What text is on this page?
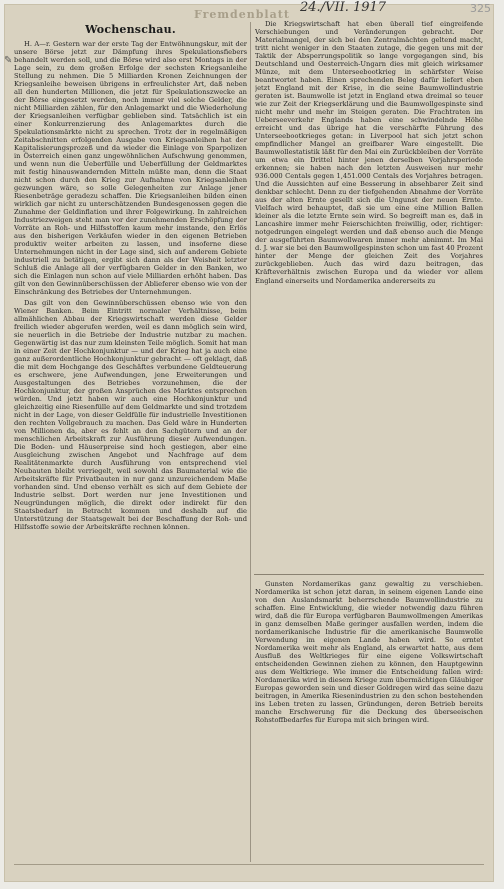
Fremdenblatt 24./VII. 1917	325
✎
Wochenschau.

H. A—r. Gestern war der erste Tag der Entwöhnungskur, mit der unsere Börse jetzt zur Dämpfung ihres Spekulationsfiebers behandelt werden soll, und die Börse wird also erst Montags in der Lage sein, zu dem großen Erfolge der sechsten Kriegsanleihe Stellung zu nehmen. Die 5 Milliarden Kronen Zeichnungen der Kriegsanleihe beweisen übrigens in erfreulichster Art, daß neben all den hunderten Millionen, die jetzt für Spekulationszwecke an der Börse eingesetzt werden, noch immer viel solche Gelder, die nicht Milliarden zählen, für den Anlagemarkt und die Wiederholung der Kriegsanleihen verfügbar geblieben sind. Tatsächlich ist ein einer Konkurrenzierung des Anlagemarktes durch die Spekulationsmärkte nicht zu sprechen. Trotz der in regelmäßigen Zeitabschnitten erfolgenden Ausgabe von Kriegsanleihen hat der Kapitalisierungsprozeß und da wieder die Einlage von Sparpolizen in Österreich einen ganz ungewöhnlichen Aufschwung genommen, und wenn nun die Ueberfülle und Ueberfüllung der Geldmarktes mit festig hinauswandernden Mitteln müßte man, denn die Staat nicht schon durch den Krieg zur Aufnahme von Kriegsanleihen gezwungen wäre, so solle Gelegenheiten zur Anlage jener Riesenbeträge geradezu schaffen. Die Kriegsanleihen bilden einen wirklich gar nicht zu unterschätzenden Bundesgenossen gegen die Zunahme der Geldinflation und ihrer Folgewirkung. In zahlreichen Industriezweigen steht man vor der zunehmenden Erschöpfung der Vorräte an Roh- und Hilfsstoffen kaum mehr imstande, den Erlös aus den bisherigen Verkäufen wieder in den eigenen Betrieben produktiv weiter arbeiten zu lassen, und insoferne diese Unternehmungen nicht in der Lage sind, sich auf anderem Gebiete industriell zu betätigen, ergibt sich dann als der Weisheit letzter Schluß die Anlage all der verfügbaren Gelder in den Banken, wo sich die Einlagen nun schon auf viele Milliarden erhöht haben. Das gilt von den Gewinnüberschüssen der Ablieferer ebenso wie von der Einschränkung des Betriebes der Unternehmungen.

Das gilt von den Gewinnüberschüssen ebenso wie von den Wiener Banken. Beim Eintritt normaler Verhältnisse, beim allmählichen Abbau der Kriegswirtschaft werden diese Gelder freilich wieder abgerufen werden, weil es dann möglich sein wird, sie neuerlich in die Betriebe der Industrie nutzbar zu machen. Gegenwärtig ist das nur zum kleinsten Teile möglich. Somit hat man in einer Zeit der Hochkonjunktur — und der Krieg hat ja auch eine ganz außerordentliche Hochkonjunktur gebracht — oft geklagt, daß die mit dem Hochgange des Geschäftes verbundene Geldteuerung es erschwere, jene Aufwendungen, jene Erweiterungen und Ausgestaltungen des Betriebes vorzunehmen, die der Hochkonjunktur, der großen Ansprüchen des Marktes entsprechen würden. Und jetzt haben wir auch eine Hochkonjunktur und gleichzeitig eine Riesenfülle auf dem Geldmarkte und sind trotzdem nicht in der Lage, von dieser Geldfülle für industrielle Investitionen den rechten Vollgebrauch zu machen. Das Geld wäre in Hunderten von Millionen da, aber es fehlt an den Sachgütern und an der menschlichen Arbeitskraft zur Ausführung dieser Aufwendungen. Die Boden- und Häuserpreise sind hoch gestiegen, aber eine Ausgleichung zwischen Angebot und Nachfrage auf dem Realitätenmarkte durch Ausführung von entsprechend viel Neubauten bleibt verriegelt, weil sowohl das Baumaterial wie die Arbeitskräfte für Privatbauten in nur ganz unzureichendem Maße vorhanden sind. Und ebenso verhält es sich auf dem Gebiete der Industrie selbst. Dort werden nur jene Investitionen und Neugründungen möglich, die direkt oder indirekt für den Staatsbedarf in Betracht kommen und deshalb auf die Unterstützung der Staatsgewalt bei der Beschaffung der Roh- und Hilfsstoffe sowie der Arbeitskräfte rechnen können.

Die Kriegswirtschaft hat eben überall tief eingreifende Verschiebungen und Veränderungen gebracht. Der Materialmangel, der sich bei den Zentralmächten geltend macht, tritt nicht weniger in den Staaten zutage, die gegen uns mit der Taktik der Absperrungspolitik so lange vorgegangen sind, bis Deutschland und Oesterreich-Ungarn dies mit gleich wirksamer Münze, mit dem Unterseebootkrieg in schärfster Weise beantwortet haben. Einen sprechenden Beleg dafür liefert eben jetzt England mit der Krise, in die seine Baumwollindustrie geraten ist. Baumwolle ist jetzt in England etwa dreimal so teuer wie zur Zeit der Kriegserklärung und die Baumwollgespinste sind nicht mehr und mehr im Steigen geraten. Die Frachtraten im Ueberseeverkehr Englands haben eine schwindelnde Höhe erreicht und das übrige hat die verschärfte Führung des Unterseebootkrieges getan: in Liverpool hat sich jetzt schon empfindlicher Mangel an greifbarer Ware eingestellt. Die Baumwollestatistik läßt für den Mai ein Zurückbleiben der Vorräte um etwa ein Drittel hinter jenen derselben Vorjahrsperiode erkennen; sie haben nach den letzten Ausweisen nur mehr 936.000 Centals gegen 1,451.000 Centals des Vorjahres betragen. Und die Aussichten auf eine Besserung in absehbarer Zeit sind denkbar schlecht. Denn zu der tiefgehenden Abnahme der Vorräte aus der alten Ernte gesellt sich die Ungunst der neuen Ernte. Vielfach wird behauptet, daß sie um eine eine Million Ballen kleiner als die letzte Ernte sein wird. So begreift man es, daß in Lancashire immer mehr Feierschichten freiwillig, oder, richtiger: notgedrungen eingelegt werden und daß ebenso auch die Menge der ausgeführten Baumwollwaren immer mehr abnimmt. Im Mai d. J. war sie bei den Baumwollgespinsten schon um fast 40 Prozent hinter der Menge der gleichen Zeit des Vorjahres zurückgeblieben. Auch das wird dazu beitragen, das Kräfteverhältnis zwischen Europa und da wieder vor allem England einerseits und Nordamerika andererseits zu

Gunsten Nordamerikas ganz gewaltig zu verschieben. Nordamerika ist schon jetzt daran, in seinem eigenen Lande eine von den Auslandsmarkt beherrschende Baumwollindustrie zu schaffen. Eine Entwicklung, die wieder notwendig dazu führen wird, daß die für Europa verfügbaren Baumwollmengen Amerikas in ganz demselben Maße geringer ausfallen werden, indem die nordamerikanische Industrie für die amerikanische Baumwolle Verwendung im eigenen Lande haben wird. So erntet Nordamerika weit mehr als England, als erwartet hatte, aus dem Ausfluß des Weltkrieges für eine eigene Volkswirtschaft entscheidenden Gewinnen ziehen zu können, den Hauptgewinn aus dem Weltkriege. Wie immer die Entscheidung fallen wird: Nordamerika wird in diesem Kriege zum übermächtigen Gläubiger Europas geworden sein und dieser Goldregen wird das seine dazu beitragen, in Amerika Riesenindustrien zu den schon bestehenden ins Leben treten zu lassen, Gründungen, deren Betrieb bereits manche Erschwerung für die Deckung des überseeischen Rohstoffbedarfes für Europa mit sich bringen wird.
